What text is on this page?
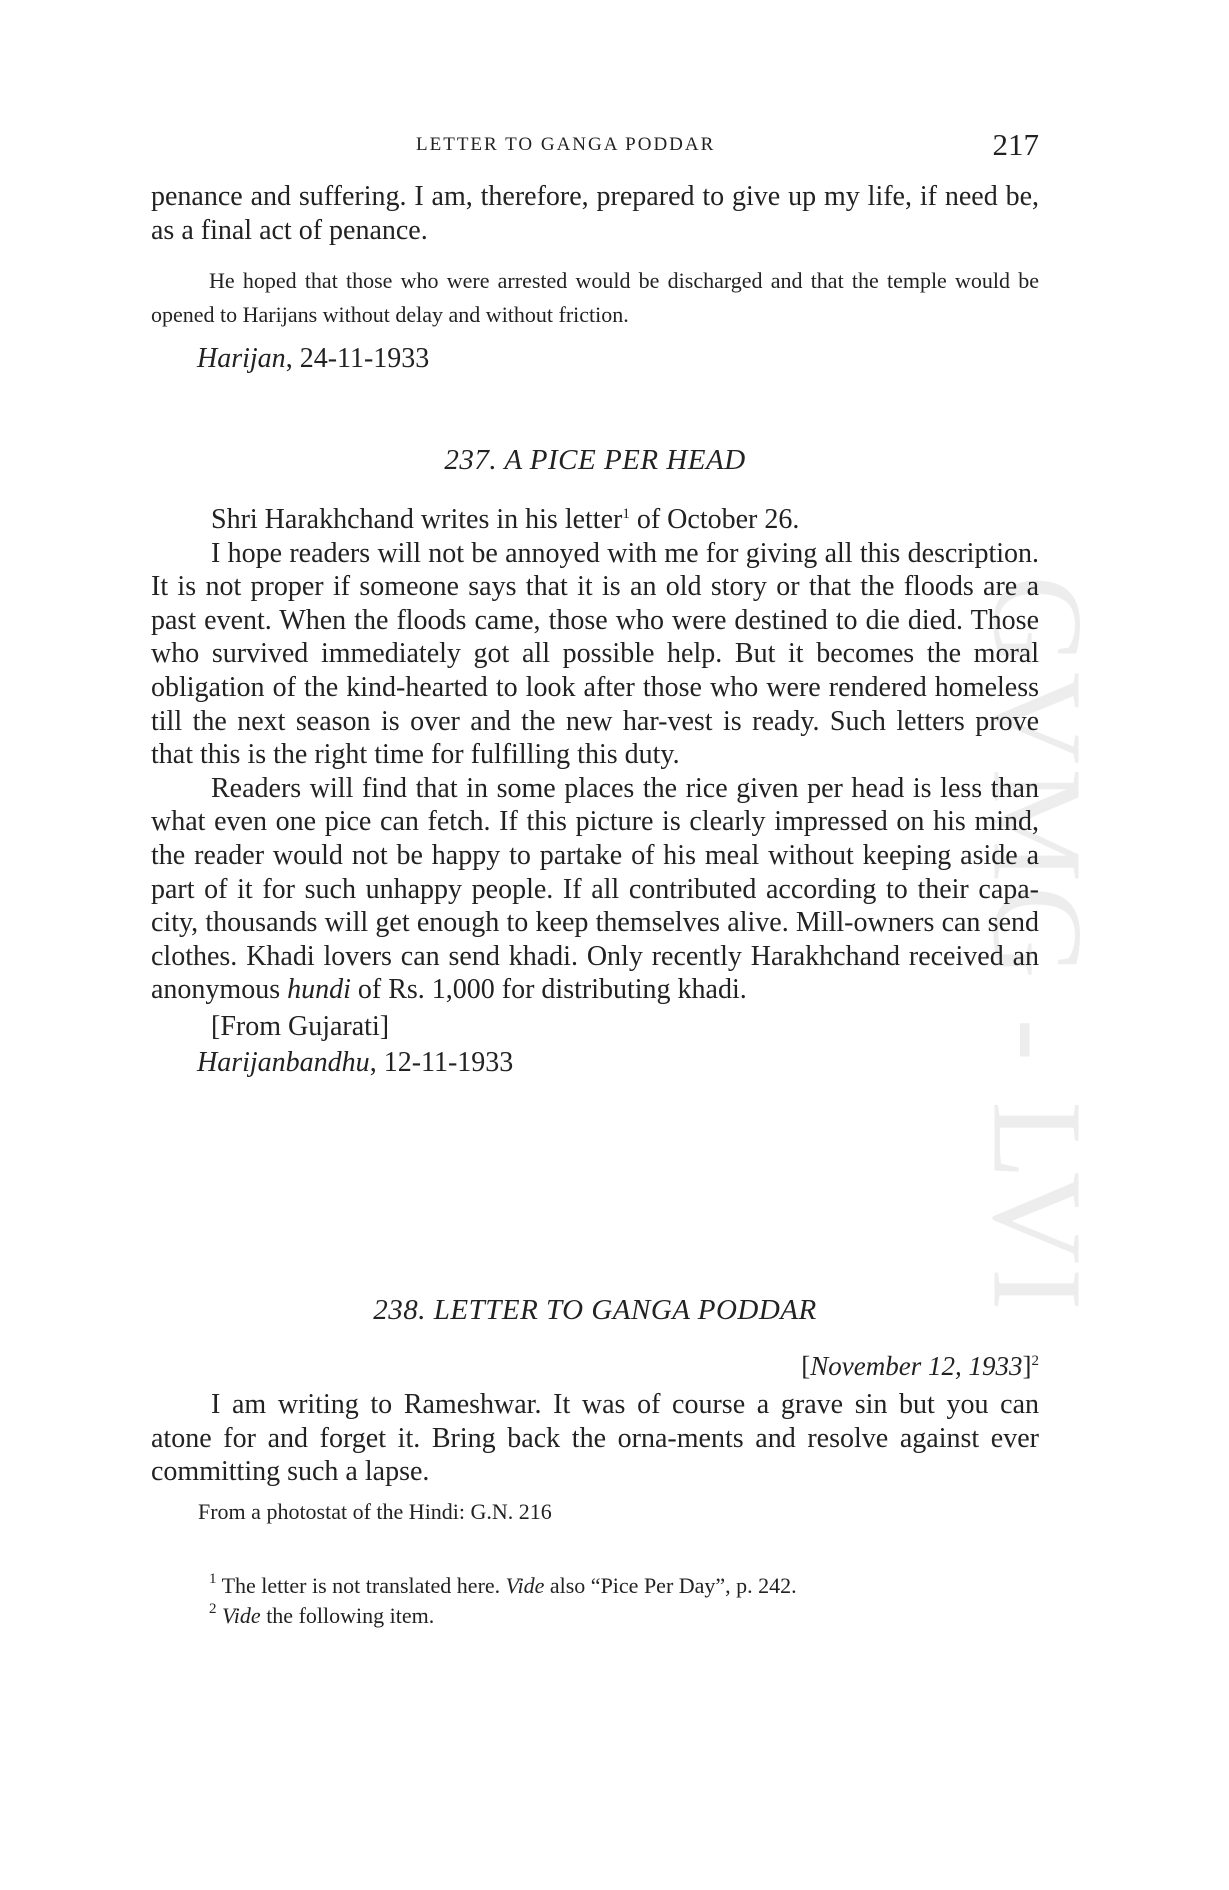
GVMG - LVI
LETTER TO GANGA PODDAR	217

penance and suffering. I am, therefore, prepared to give up my life, if need be, as a final act of penance.

He hoped that those who were arrested would be discharged and that the temple would be opened to Harijans without delay and without friction.

Harijan, 24-11-1933

237. A PICE PER HEAD

Shri Harakhchand writes in his letter$^1$ of October 26.

I hope readers will not be annoyed with me for giving all this description. It is not proper if someone says that it is an old story or that the floods are a past event. When the floods came, those who were destined to die died. Those who survived immediately got all possible help. But it becomes the moral obligation of the kind-hearted to look after those who were rendered homeless till the next season is over and the new har-vest is ready. Such letters prove that this is the right time for fulfilling this duty.

Readers will find that in some places the rice given per head is less than what even one pice can fetch. If this picture is clearly impressed on his mind, the reader would not be happy to partake of his meal without keeping aside a part of it for such unhappy people. If all contributed according to their capa-city, thousands will get enough to keep themselves alive. Mill-owners can send clothes. Khadi lovers can send khadi. Only recently Harakhchand received an anonymous hundi of Rs. 1,000 for distributing khadi.

[From Gujarati]

Harijanbandhu, 12-11-1933

238. LETTER TO GANGA PODDAR

[November 12, 1933]$^2$

I am writing to Rameshwar. It was of course a grave sin but you can atone for and forget it. Bring back the orna-ments and resolve against ever committing such a lapse.

From a photostat of the Hindi: G.N. 216

$^1$ The letter is not translated here. Vide also “Pice Per Day”, p. 242.

$^2$ Vide the following item.
